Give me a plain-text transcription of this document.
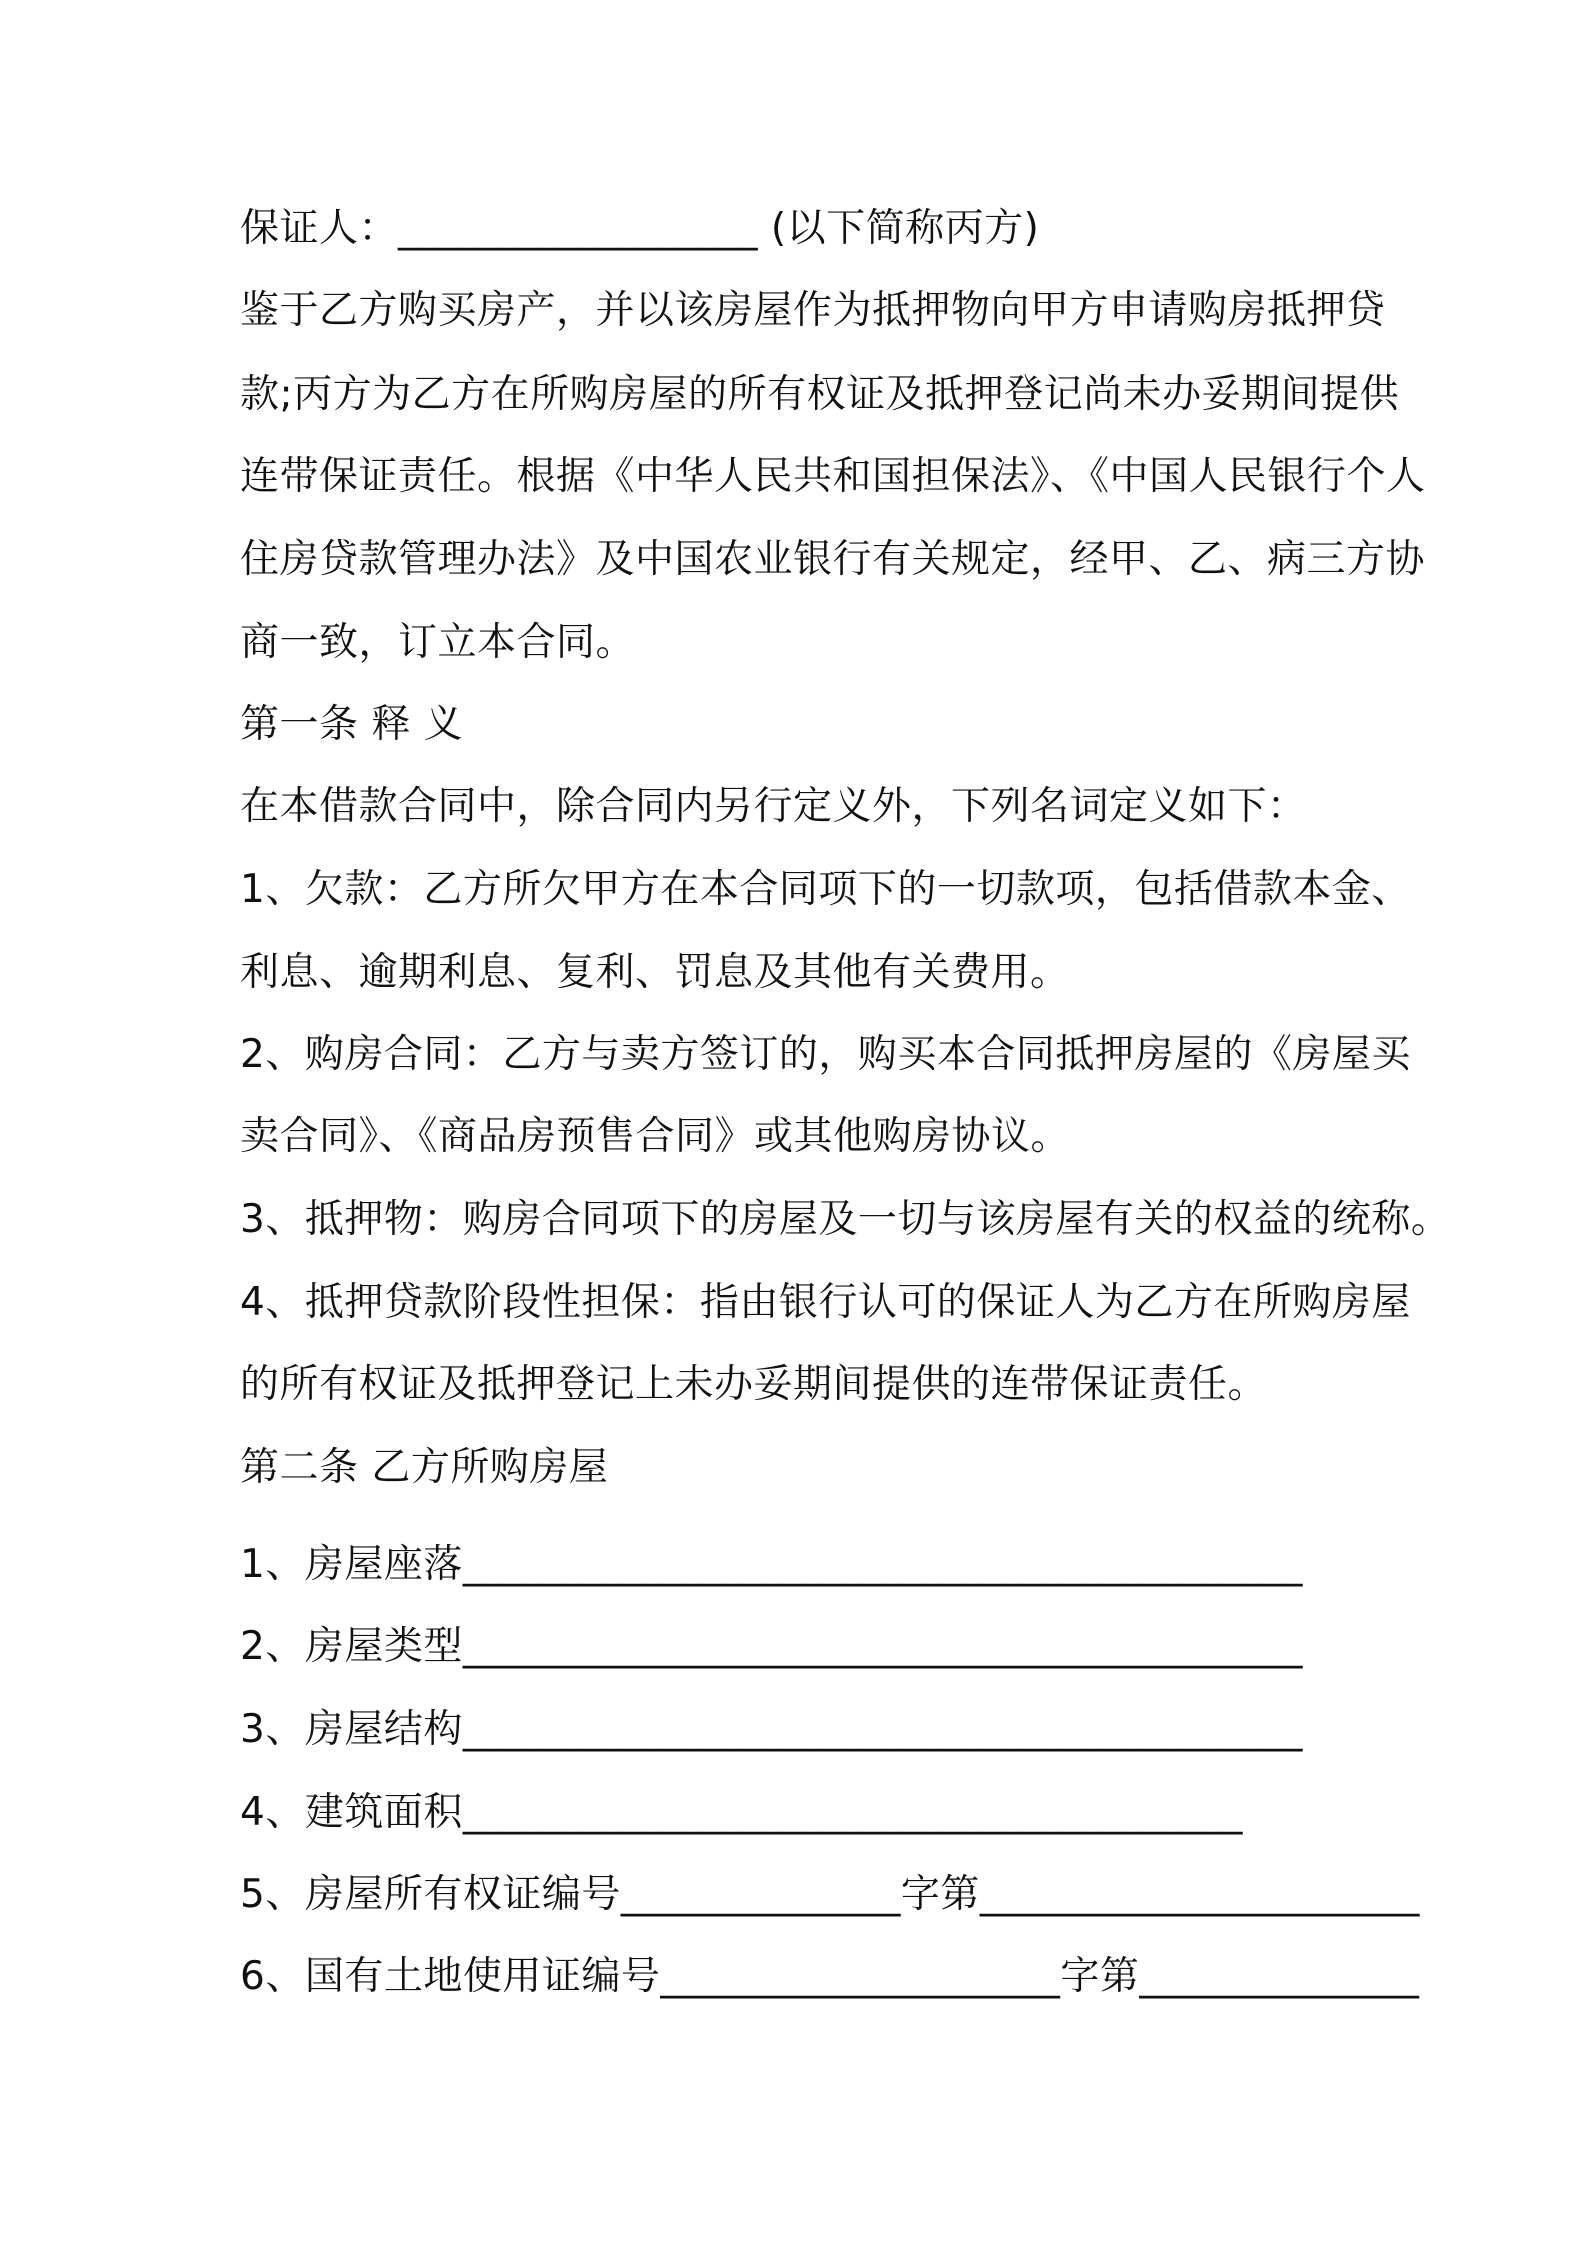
保证人：__________________ (以下简称丙方)
鉴于乙方购买房产，并以该房屋作为抵押物向甲方申请购房抵押贷
款;丙方为乙方在所购房屋的所有权证及抵押登记尚未办妥期间提供
连带保证责任。根据《中华人民共和国担保法》、《中国人民银行个人
住房贷款管理办法》及中国农业银行有关规定，经甲、乙、病三方协
商一致，订立本合同。
第一条 释 义
在本借款合同中，除合同内另行定义外，下列名词定义如下：
1、欠款：乙方所欠甲方在本合同项下的一切款项，包括借款本金、
利息、逾期利息、复利、罚息及其他有关费用。
2、购房合同：乙方与卖方签订的，购买本合同抵押房屋的《房屋买
卖合同》、《商品房预售合同》或其他购房协议。
3、抵押物：购房合同项下的房屋及一切与该房屋有关的权益的统称。
4、抵押贷款阶段性担保：指由银行认可的保证人为乙方在所购房屋
的所有权证及抵押登记上未办妥期间提供的连带保证责任。
第二条 乙方所购房屋
1、房屋座落__________________________________________
2、房屋类型__________________________________________
3、房屋结构__________________________________________
4、建筑面积_______________________________________
5、房屋所有权证编号______________字第______________________
6、国有土地使用证编号____________________字第______________
